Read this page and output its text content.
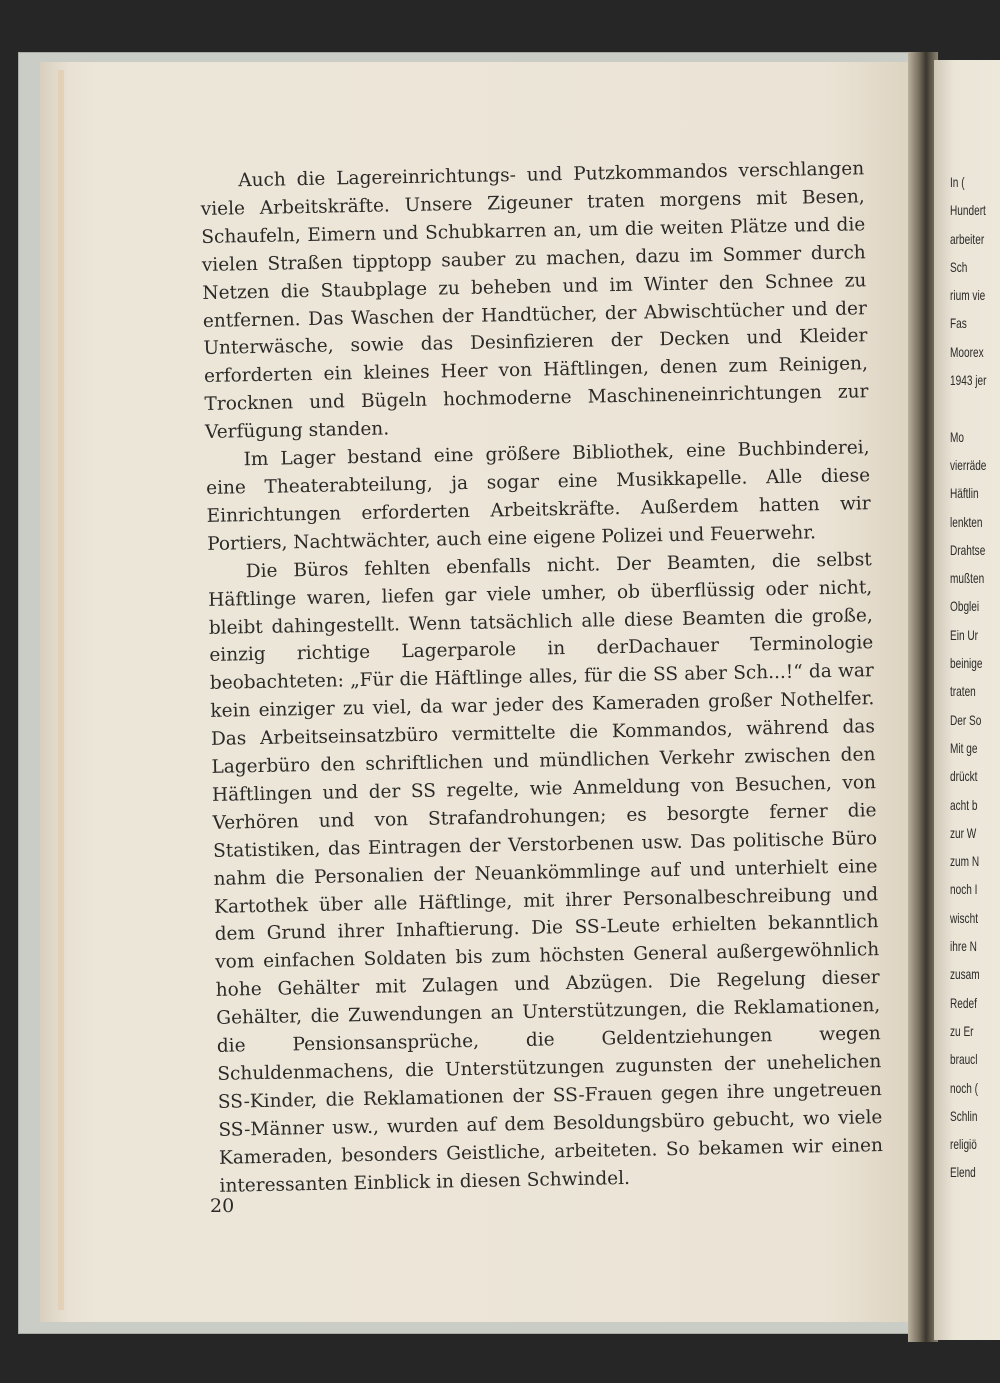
Auch die Lagereinrichtungs- und Putzkommandos verschlangen viele Arbeitskräfte. Unsere Zigeuner traten morgens mit Besen, Schaufeln, Eimern und Schubkarren an, um die weiten Plätze und die vielen Straßen tipptopp sauber zu machen, dazu im Sommer durch Netzen die Staubplage zu beheben und im Winter den Schnee zu entfernen. Das Waschen der Handtücher, der Abwischtücher und der Unterwäsche, sowie das Desinfizieren der Decken und Kleider erforderten ein kleines Heer von Häftlingen, denen zum Reinigen, Trocknen und Bügeln hochmoderne Maschineneinrichtungen zur Verfügung standen.

Im Lager bestand eine größere Bibliothek, eine Buchbinderei, eine Theaterabteilung, ja sogar eine Musikkapelle. Alle diese Einrichtungen erforderten Arbeitskräfte. Außerdem hatten wir Portiers, Nachtwächter, auch eine eigene Polizei und Feuerwehr.

Die Büros fehlten ebenfalls nicht. Der Beamten, die selbst Häftlinge waren, liefen gar viele umher, ob überflüssig oder nicht, bleibt dahingestellt. Wenn tatsächlich alle diese Beamten die große, einzig richtige Lagerparole in derDachauer Terminologie beobachteten: „Für die Häftlinge alles, für die SS aber Sch...!“ da war kein einziger zu viel, da war jeder des Kameraden großer Nothelfer. Das Arbeitseinsatzbüro vermittelte die Kommandos, während das Lagerbüro den schriftlichen und mündlichen Verkehr zwischen den Häftlingen und der SS regelte, wie Anmeldung von Besuchen, von Verhören und von Strafandrohungen; es besorgte ferner die Statistiken, das Eintragen der Verstorbenen usw. Das politische Büro nahm die Personalien der Neuankömmlinge auf und unterhielt eine Kartothek über alle Häftlinge, mit ihrer Personalbeschreibung und dem Grund ihrer Inhaftierung. Die SS-Leute erhielten bekanntlich vom einfachen Soldaten bis zum höchsten General außergewöhnlich hohe Gehälter mit Zulagen und Abzügen. Die Regelung dieser Gehälter, die Zuwendungen an Unterstützungen, die Reklamationen, die Pensionsansprüche, die Geldentziehungen wegen Schuldenmachens, die Unterstützungen zugunsten der unehelichen SS-Kinder, die Reklamationen der SS-Frauen gegen ihre ungetreuen SS-Männer usw., wurden auf dem Besoldungsbüro gebucht, wo viele Kameraden, besonders Geistliche, arbeiteten. So bekamen wir einen interessanten Einblick in diesen Schwindel.

20
In (
Hundert
arbeiter
Sch
rium vie
Fas
Moorex
1943 jer
Mo
vierräde
Häftlin
lenkten
Drahtse
mußten
Obglei
Ein Ur
beinige
traten
Der So
Mit ge
drückt
acht b
zur W
zum N
noch I
wischt
ihre N
zusam
Redef
zu Er
braucl
noch (
Schlin
religiö
Elend
